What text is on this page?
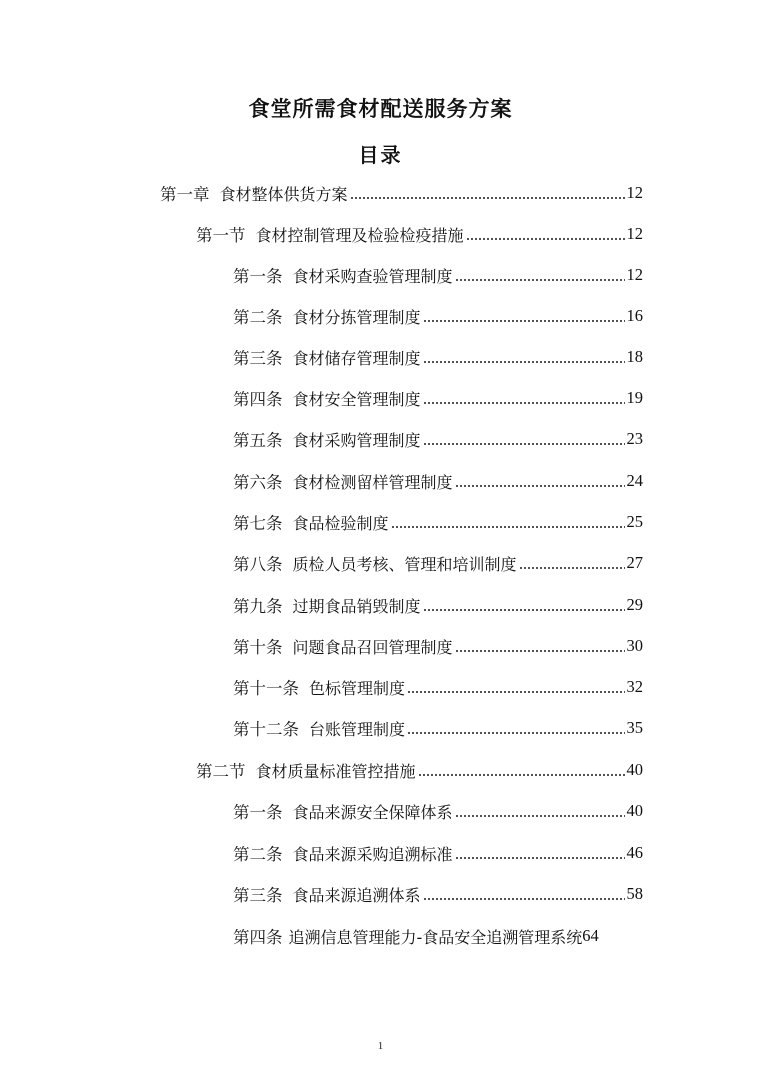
食堂所需食材配送服务方案
目录
第一章 食材整体供货方案	12
第一节 食材控制管理及检验检疫措施	12
第一条 食材采购查验管理制度	12
第二条 食材分拣管理制度	16
第三条 食材储存管理制度	18
第四条 食材安全管理制度	19
第五条 食材采购管理制度	23
第六条 食材检测留样管理制度	24
第七条 食品检验制度	25
第八条 质检人员考核、管理和培训制度	27
第九条 过期食品销毁制度	29
第十条 问题食品召回管理制度	30
第十一条 色标管理制度	32
第十二条 台账管理制度	35
第二节 食材质量标准管控措施	40
第一条 食品来源安全保障体系	40
第二条 食品来源采购追溯标准	46
第三条 食品来源追溯体系	58
第四条 追溯信息管理能力-食品安全追溯管理系统 64
1
